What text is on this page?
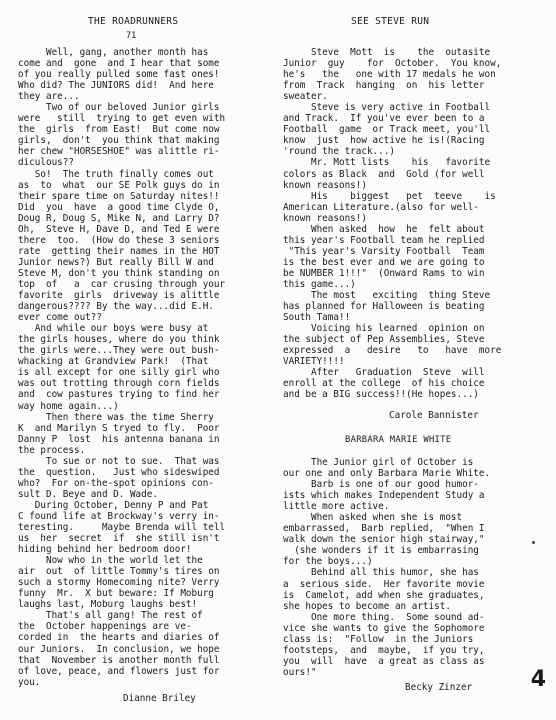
THE ROADRUNNERS
71
SEE STEVE RUN
Well, gang, another month has
come and  gone  and I hear that some
of you really pulled some fast ones!
Who did? The JUNIORS did!  And here
they are...
Two of our beloved Junior girls
were   still  trying to get even with
the  girls  from East!  But come now
girls,  don't  you think that making
her chew "HORSESHOE" was alittle ri-
diculous??
So!  The truth finally comes out
as  to  what  our SE Polk guys do in
their spare time on Saturday nites!!
Did  you  have  a good time Clyde O,
Doug R, Doug S, Mike N, and Larry D?
Oh,  Steve H, Dave D, and Ted E were
there  too.  (How do these 3 seniors
rate  getting their names in the HOT
Junior news?) But really Bill W and
Steve M, don't you think standing on
top  of   a  car crusing through your
favorite  girls  driveway is alittle
dangerous???? By the way...did E.H.
ever come out??
And while our boys were busy at
the girls houses, where do you think
the girls were...They were out bush-
whacking at Grandview Park!  (That
is all except for one silly girl who
was out trotting through corn fields
and  cow pastures trying to find her
way home again...)
Then there was the time Sherry
K  and Marilyn S tryed to fly.  Poor
Danny P  lost  his antenna banana in
the process.
To sue or not to sue.  That was
the  question.   Just who sideswiped
who?  For on-the-spot opinions con-
sult D. Beye and D. Wade.
During October, Denny P and Pat
C found life at Brockway's verry in-
teresting.     Maybe Brenda will tell
us  her  secret  if  she still isn't
hiding behind her bedroom door!
Now who in the world let the
air  out  of little Tommy's tires on
such a stormy Homecoming nite? Verry
funny  Mr.  X but beware: If Moburg
laughs last, Moburg laughs best!
That's all gang! The rest of
the  October happenings are ve-
corded in  the hearts and diaries of
our Juniors.  In conclusion, we hope
that  November is another month full
of love, peace, and flowers just for
you.
Dianne Briley
Steve  Mott  is    the  outasite
Junior  guy    for  October.  You know,
he's   the   one with 17 medals he won
from  Track  hanging  on  his letter
sweater.
Steve is very active in Football
and Track.  If you've ever been to a
Football  game  or Track meet, you'll
know  just  how active he is!(Racing
'round the track...)
Mr. Mott lists    his   favorite
colors as Black  and  Gold (for well
known reasons!)
His    biggest   pet  teeve    is
American Literature.(also for well-
known reasons!)
When asked  how  he  felt about
this year's Football team he replied
"This year's Varsity Football  Team
is the best ever and we are going to
be NUMBER 1!!!"  (Onward Rams to win
this game...)
The most   exciting  thing Steve
has planned for Halloween is beating
South Tama!!
Voicing his learned  opinion on
the subject of Pep Assemblies, Steve
expressed  a   desire   to   have  more
VARIETY!!!!
After   Graduation  Steve  will
enroll at the college  of his choice
and be a BIG success!!(He hopes...)
Carole Bannister
BARBARA MARIE WHITE
The Junior girl of October is
our one and only Barbara Marie White.
Barb is one of our good humor-
ists which makes Independent Study a
little more active.
When asked when she is most
embarrassed,  Barb replied,  "When I
walk down the senior high stairway,"
(she wonders if it is embarrasing
for the boys...)
Behind all this humor, she has
a  serious side.  Her favorite movie
is  Camelot, add when she graduates,
she hopes to become an artist.
One more thing.  Some sound ad-
vice she wants to give the Sophomore
class is:  "Follow  in the Juniors
footsteps,  and  maybe,  if you try,
you  will  have  a great as class as
ours!"
Becky Zinzer	4
